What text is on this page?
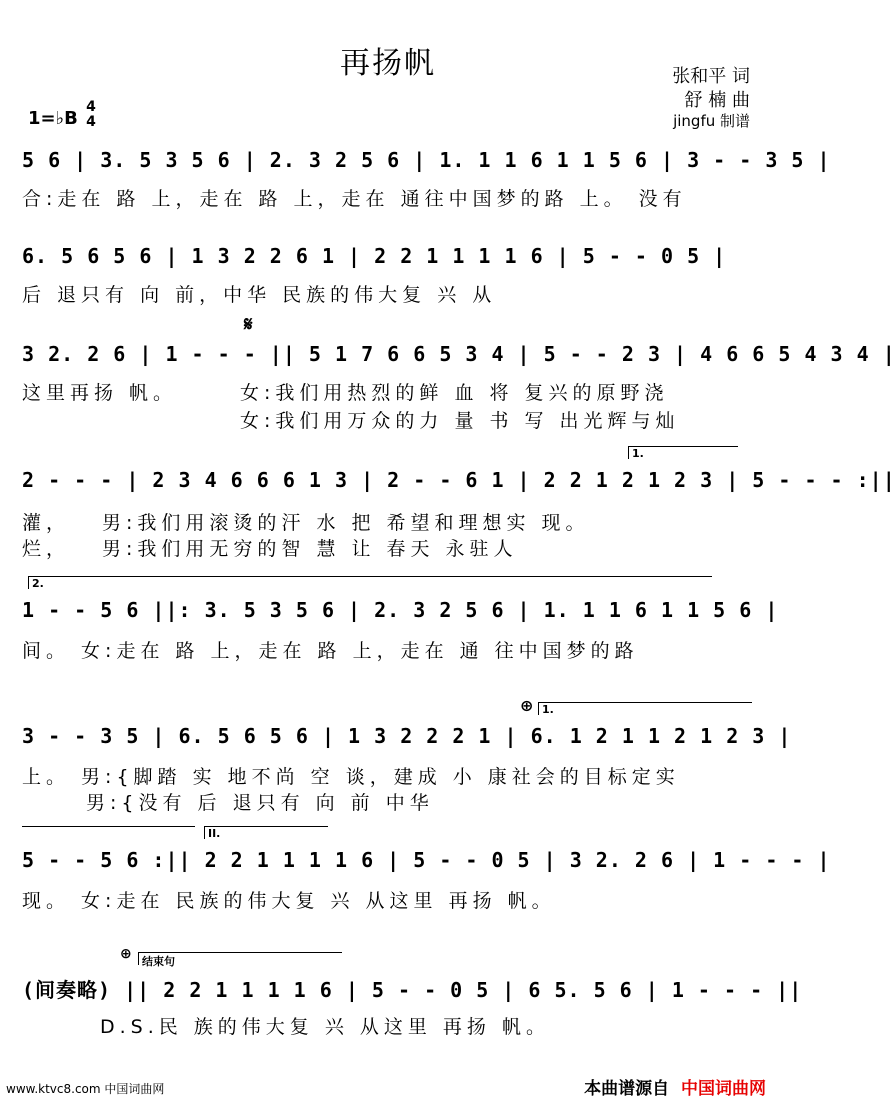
再扬帆	张和平 词
舒 楠 曲
jingfu 制谱
1=♭B
4
4
5 6 | 3. 5 3 5 6 | 2. 3 2 5 6 | 1. 1 1 6 1 1 5 6 | 3 - - 3 5 |
合:走在 路 上，走在 路 上，走在 通往中国梦的路 上。 没有
6. 5 6 5 6 | 1 3 2 2 6 1 | 2 2 1 1 1 1 6 | 5 - - 0 5 |
后 退只有 向 前，中华 民族的伟大复 兴 从
𝄋
3 2. 2 6 | 1 - - - || 5 1 7 6 6 5 3 4 | 5 - - 2 3 | 4 6 6 5 4 3 4 |
这里再扬 帆。	女:我们用热烈的鲜 血 将 复兴的原野浇
女:我们用万众的力 量 书 写 出光辉与灿
1.
2 - - - | 2 3 4 6 6 6 1 3 | 2 - - 6 1 | 2 2 1 2 1 2 3 | 5 - - - :||
灌， 男:我们用滚烫的汗 水 把 希望和理想实 现。
烂， 男:我们用无穷的智 慧 让 春天 永驻人
2.
1 - - 5 6 ||: 3. 5 3 5 6 | 2. 3 2 5 6 | 1. 1 1 6 1 1 5 6 |
间。 女:走在 路 上，走在 路 上，走在 通 往中国梦的路
⊕ 1.
3 - - 3 5 | 6. 5 6 5 6 | 1 3 2 2 2 1 | 6. 1 2 1 1 2 1 2 3 |
上。 男:{脚踏 实 地不尚 空 谈，建成 小 康社会的目标定实
男:{没有 后 退只有 向 前 中华
II.
5 - - 5 6 :|| 2 2 1 1 1 1 6 | 5 - - 0 5 | 3 2. 2 6 | 1 - - - |
现。 女:走在 民族的伟大复 兴 从这里 再扬 帆。
⊕ 结束句
(间奏略) || 2 2 1 1 1 1 6 | 5 - - 0 5 | 6 5. 5 6 | 1 - - - ||
D.S.民 族的伟大复 兴 从这里 再扬 帆。
www.ktvc8.com 中国词曲网	本曲谱源自 中国词曲网
